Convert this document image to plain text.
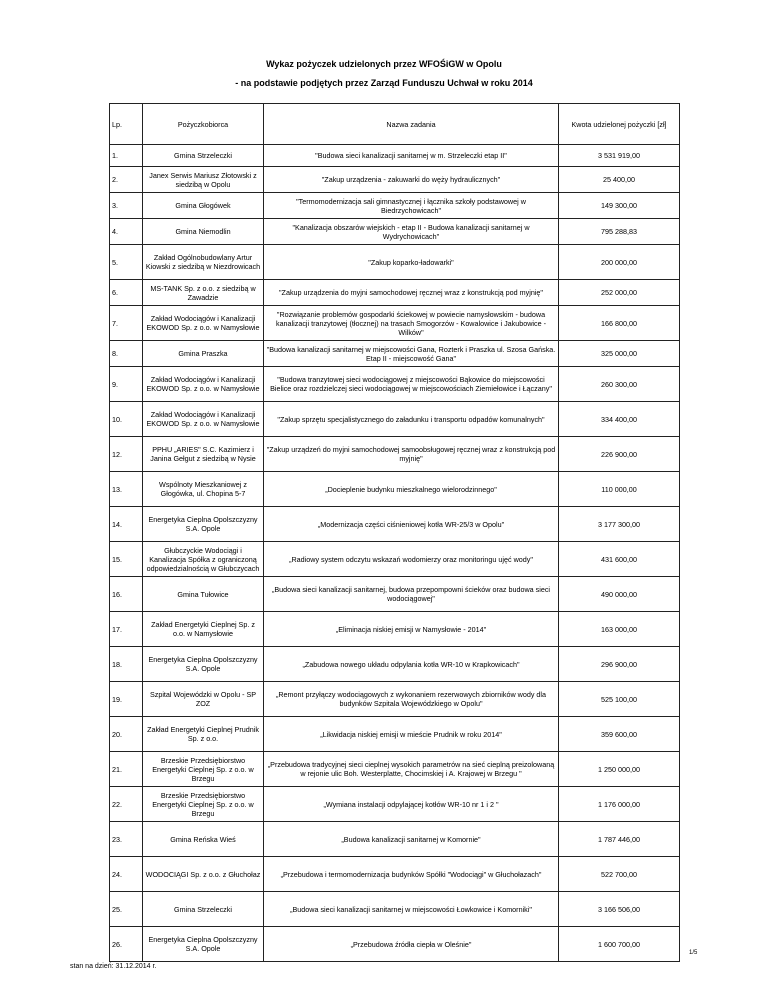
Wykaz pożyczek udzielonych przez WFOŚiGW w Opolu
- na podstawie podjętych przez Zarząd Funduszu Uchwał w roku 2014
Lp.	Pożyczkobiorca	Nazwa zadania	Kwota udzielonej pożyczki [zł]
1.	Gmina Strzeleczki	"Budowa sieci kanalizacji sanitarnej w m. Strzeleczki etap II"	3 531 919,00
2.	Janex Serwis Mariusz Złotowski z siedzibą w Opolu	"Zakup urządzenia - zakuwarki do węży hydraulicznych"	25 400,00
3.	Gmina Głogówek	"Termomodernizacja sali gimnastycznej i łącznika szkoły podstawowej w Biedrzychowicach"	149 300,00
4.	Gmina Niemodlin	"Kanalizacja obszarów wiejskich - etap II - Budowa kanalizacji sanitarnej w Wydrychowicach"	795 288,83
5.	Zakład Ogólnobudowlany Artur Kiowski z siedzibą w Niezdrowicach	"Zakup koparko-ładowarki"	200 000,00
6.	MS-TANK Sp. z o.o. z siedzibą w Zawadzie	"Zakup urządzenia do myjni samochodowej ręcznej wraz z konstrukcją pod myjnię"	252 000,00
7.	Zakład Wodociągów i Kanalizacji EKOWOD Sp. z o.o. w Namysłowie	"Rozwiązanie problemów gospodarki ściekowej w powiecie namysłowskim - budowa kanalizacji tranzytowej (tłocznej) na trasach Smogorzów - Kowalowice i Jakubowice - Wilków"	166 800,00
8.	Gmina Praszka	"Budowa kanalizacji sanitarnej w miejscowości Gana, Rozterk i Praszka ul. Szosa Gańska. Etap II - miejscowość Gana"	325 000,00
9.	Zakład Wodociągów i Kanalizacji EKOWOD Sp. z o.o. w Namysłowie	"Budowa tranzytowej sieci wodociągowej z miejscowości Bąkowice do miejscowości Bielice oraz rozdzielczej sieci wodociągowej w miejscowościach Ziemiełowice i Łączany"	260 300,00
10.	Zakład Wodociągów i Kanalizacji EKOWOD Sp. z o.o. w Namysłowie	"Zakup sprzętu specjalistycznego do załadunku i transportu odpadów komunalnych"	334 400,00
12.	PPHU „ARIES" S.C. Kazimierz i Janina Gełgut z siedzibą w Nysie	"Zakup urządzeń do myjni samochodowej samoobsługowej ręcznej wraz z konstrukcją pod myjnię"	226 900,00
13.	Wspólnoty Mieszkaniowej z Głogówka, ul. Chopina 5-7	„Docieplenie budynku mieszkalnego wielorodzinnego"	110 000,00
14.	Energetyka Cieplna Opolszczyzny S.A. Opole	„Modernizacja części ciśnieniowej kotła WR-25/3 w Opolu"	3 177 300,00
15.	Głubczyckie Wodociągi i Kanalizacja Spółka z ograniczoną odpowiedzialnością w Głubczycach	„Radiowy system odczytu wskazań wodomierzy oraz monitoringu ujęć wody"	431 600,00
16.	Gmina Tułowice	„Budowa sieci kanalizacji sanitarnej, budowa przepompowni ścieków oraz budowa sieci wodociągowej"	490 000,00
17.	Zakład Energetyki Cieplnej Sp. z o.o. w Namysłowie	„Eliminacja niskiej emisji w Namysłowie - 2014"	163 000,00
18.	Energetyka Cieplna Opolszczyzny S.A. Opole	„Zabudowa nowego układu odpylania kotła WR-10 w Krapkowicach"	296 900,00
19.	Szpital Wojewódzki w Opolu - SP ZOZ	„Remont przyłączy wodociągowych z wykonaniem rezerwowych zbiorników wody dla budynków Szpitala Wojewódzkiego w Opolu"	525 100,00
20.	Zakład Energetyki Cieplnej Prudnik Sp. z o.o.	„Likwidacja niskiej emisji w mieście Prudnik w roku 2014"	359 600,00
21.	Brzeskie Przedsiębiorstwo Energetyki Cieplnej Sp. z o.o. w Brzegu	„Przebudowa tradycyjnej sieci cieplnej wysokich parametrów na sieć cieplną preizolowaną w rejonie ulic Boh. Westerplatte, Chocimskiej i A. Krajowej w Brzegu "	1 250 000,00
22.	Brzeskie Przedsiębiorstwo Energetyki Cieplnej Sp. z o.o. w Brzegu	„Wymiana instalacji odpylającej kotłów WR-10 nr 1 i 2 "	1 176 000,00
23.	Gmina Reńska Wieś	„Budowa kanalizacji sanitarnej w Komornie"	1 787 446,00
24.	WODOCIĄGI Sp. z o.o. z Głuchołaz	„Przebudowa i termomodernizacja budynków Spółki "Wodociągi" w Głuchołazach"	522 700,00
25.	Gmina Strzeleczki	„Budowa sieci kanalizacji sanitarnej w miejscowości Łowkowice i Komorniki"	3 166 506,00
26.	Energetyka Cieplna Opolszczyzny S.A. Opole	„Przebudowa źródła ciepła w Oleśnie"	1 600 700,00
stan na dzień: 31.12.2014 r.
1/5
